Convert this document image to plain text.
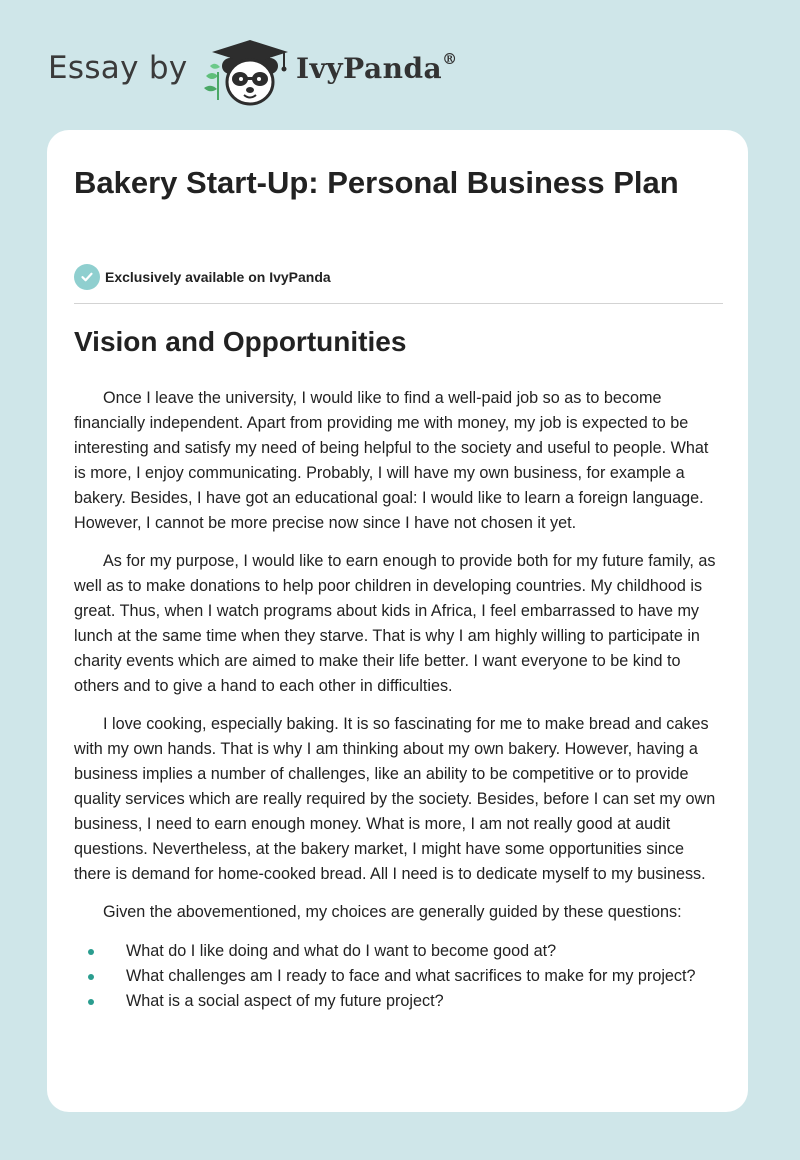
Essay by	IvyPanda®
Bakery Start-Up: Personal Business Plan
Exclusively available on IvyPanda
Vision and Opportunities

Once I leave the university, I would like to find a well-paid job so as to become financially independent. Apart from providing me with money, my job is expected to be interesting and satisfy my need of being helpful to the society and useful to people. What is more, I enjoy communicating. Probably, I will have my own business, for example a bakery. Besides, I have got an educational goal: I would like to learn a foreign language. However, I cannot be more precise now since I have not chosen it yet.

As for my purpose, I would like to earn enough to provide both for my future family, as well as to make donations to help poor children in developing countries. My childhood is great. Thus, when I watch programs about kids in Africa, I feel embarrassed to have my lunch at the same time when they starve. That is why I am highly willing to participate in charity events which are aimed to make their life better. I want everyone to be kind to others and to give a hand to each other in difficulties.

I love cooking, especially baking. It is so fascinating for me to make bread and cakes with my own hands. That is why I am thinking about my own bakery. However, having a business implies a number of challenges, like an ability to be competitive or to provide quality services which are really required by the society. Besides, before I can set my own business, I need to earn enough money. What is more, I am not really good at audit questions. Nevertheless, at the bakery market, I might have some opportunities since there is demand for home-cooked bread. All I need is to dedicate myself to my business.

Given the abovementioned, my choices are generally guided by these questions:

What do I like doing and what do I want to become good at?
What challenges am I ready to face and what sacrifices to make for my project?
What is a social aspect of my future project?
